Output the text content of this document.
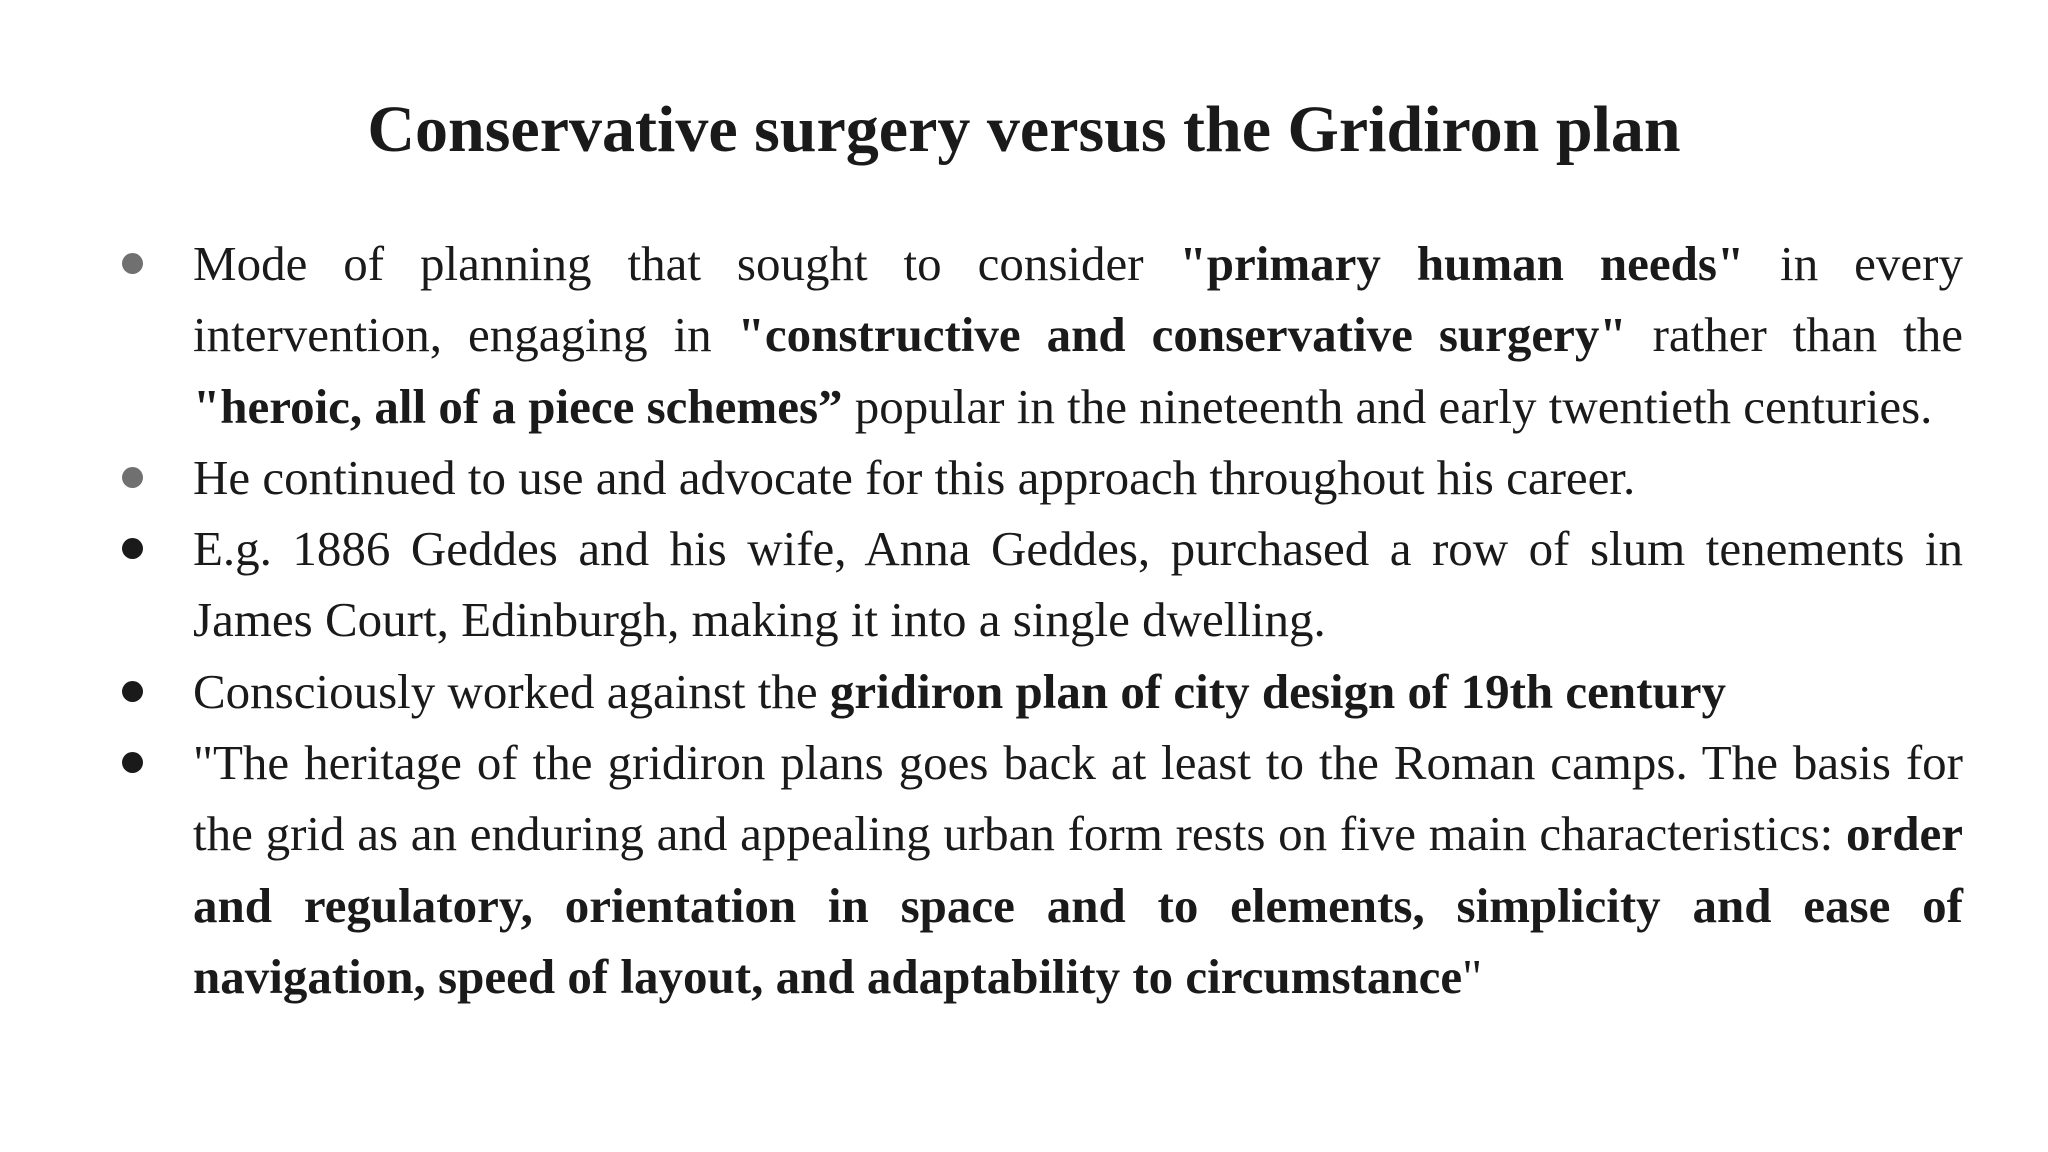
Conservative surgery versus the Gridiron plan
Mode of planning that sought to consider "primary human needs" in every intervention, engaging in "constructive and conservative surgery" rather than the "heroic, all of a piece schemes” popular in the nineteenth and early twentieth centuries.
He continued to use and advocate for this approach throughout his career.
E.g. 1886 Geddes and his wife, Anna Geddes, purchased a row of slum tenements in James Court, Edinburgh, making it into a single dwelling.
Consciously worked against the gridiron plan of city design of 19th century
"The heritage of the gridiron plans goes back at least to the Roman camps. The basis for the grid as an enduring and appealing urban form rests on five main characteristics: order and regulatory, orientation in space and to elements, simplicity and ease of navigation, speed of layout, and adaptability to circumstance"
